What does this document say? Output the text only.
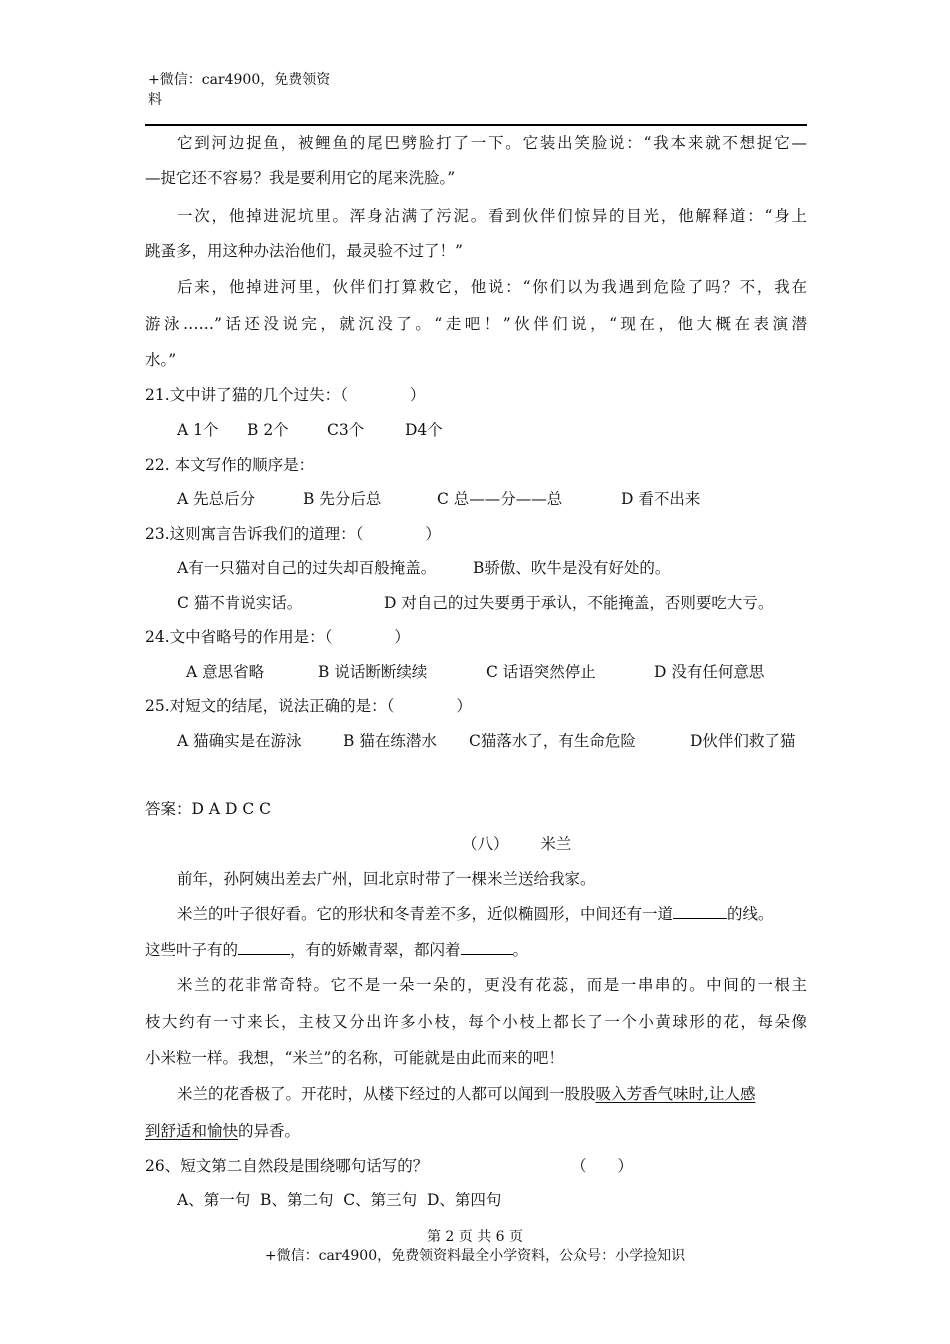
+微信：car4900，免费领资
料
它到河边捉鱼，被鲤鱼的尾巴劈脸打了一下。它装出笑脸说：“我本来就不想捉它—
—捉它还不容易？我是要利用它的尾来洗脸。”
一次，他掉进泥坑里。浑身沾满了污泥。看到伙伴们惊异的目光，他解释道：“身上
跳蚤多，用这种办法治他们，最灵验不过了！”
后来，他掉进河里，伙伴们打算救它，他说：“你们以为我遇到危险了吗？不，我在
游泳……”话还没说完，就沉没了。“走吧！”伙伴们说，“现在，他大概在表演潜
水。”
21.文中讲了猫的几个过失：（　　　　）
A 1个 B 2个 C3个	D4个
22. 本文写作的顺序是：
A 先总后分	B 先分后总	C 总——分——总	D 看不出来
23.这则寓言告诉我们的道理：（　　　　）
A有一只猫对自己的过失却百般掩盖。 B骄傲、吹牛是没有好处的。
C 猫不肯说实话。	D 对自己的过失要勇于承认，不能掩盖，否则要吃大亏。
24.文中省略号的作用是：（　　　　）
A 意思省略	B 说话断断续续	C 话语突然停止	D 没有任何意思
25.对短文的结尾，说法正确的是：（　　　　）
A 猫确实是在游泳	B 猫在练潜水 C猫落水了，有生命危险	D伙伴们救了猫
答案：D A D C C
（八） 米兰
前年，孙阿姨出差去广州，回北京时带了一棵米兰送给我家。
米兰的叶子很好看。它的形状和冬青差不多，近似椭圆形，中间还有一道	的线。
这些叶子有的	，有的娇嫩青翠，都闪着	。
米兰的花非常奇特。它不是一朵一朵的，更没有花蕊，而是一串串的。中间的一根主
枝大约有一寸来长，主枝又分出许多小枝，每个小枝上都长了一个小黄球形的花，每朵像
小米粒一样。我想，“米兰”的名称，可能就是由此而来的吧！
米兰的花香极了。开花时，从楼下经过的人都可以闻到一股股吸入芳香气味时,让人感
到舒适和愉快的异香。
26、短文第二自然段是围绕哪句话写的？	（　　）
A、第一句  B、第二句  C、第三句  D、第四句
第 2 页 共 6 页
+微信：car4900，免费领资料最全小学资料，公众号：小学捡知识
